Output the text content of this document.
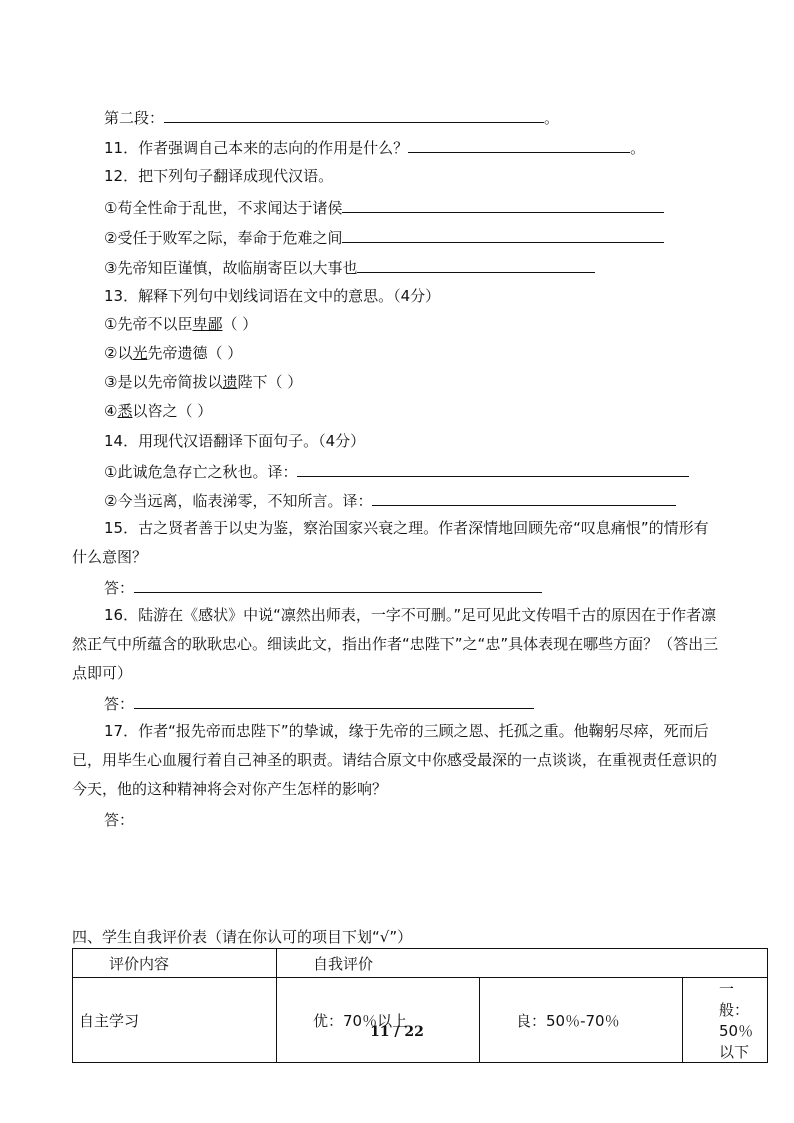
第二段：	。
11．作者强调自己本来的志向的作用是什么？	。
12．把下列句子翻译成现代汉语。
①苟全性命于乱世，不求闻达于诸侯
②受任于败军之际，奉命于危难之间
③先帝知臣谨慎，故临崩寄臣以大事也
13．解释下列句中划线词语在文中的意思。（4分）
①先帝不以臣卑鄙（ ）
②以光先帝遗德（ ）
③是以先帝简拔以遗陛下（ ）
④悉以咨之（ ）
14．用现代汉语翻译下面句子。（4分）
①此诚危急存亡之秋也。译：
②今当远离，临表涕零，不知所言。译：
15．古之贤者善于以史为鉴，察治国家兴衰之理。作者深情地回顾先帝“叹息痛恨”的情形有什么意图？
答：
16．陆游在《感状》中说“凛然出师表，一字不可删。”足可见此文传唱千古的原因在于作者凛然正气中所蕴含的耿耿忠心。细读此文，指出作者“忠陛下”之“忠”具体表现在哪些方面？（答出三点即可）
答：
17．作者“报先帝而忠陛下”的挚诚，缘于先帝的三顾之恩、托孤之重。他鞠躬尽瘁，死而后已，用毕生心血履行着自己神圣的职责。请结合原文中你感受最深的一点谈谈，在重视责任意识的今天，他的这种精神将会对你产生怎样的影响？
答：
四、学生自我评价表（请在你认可的项目下划“√”）
评价内容	自我评价		
自主学习	优：70％以上	良：50％-70％	一般：50％以下
11 / 22
